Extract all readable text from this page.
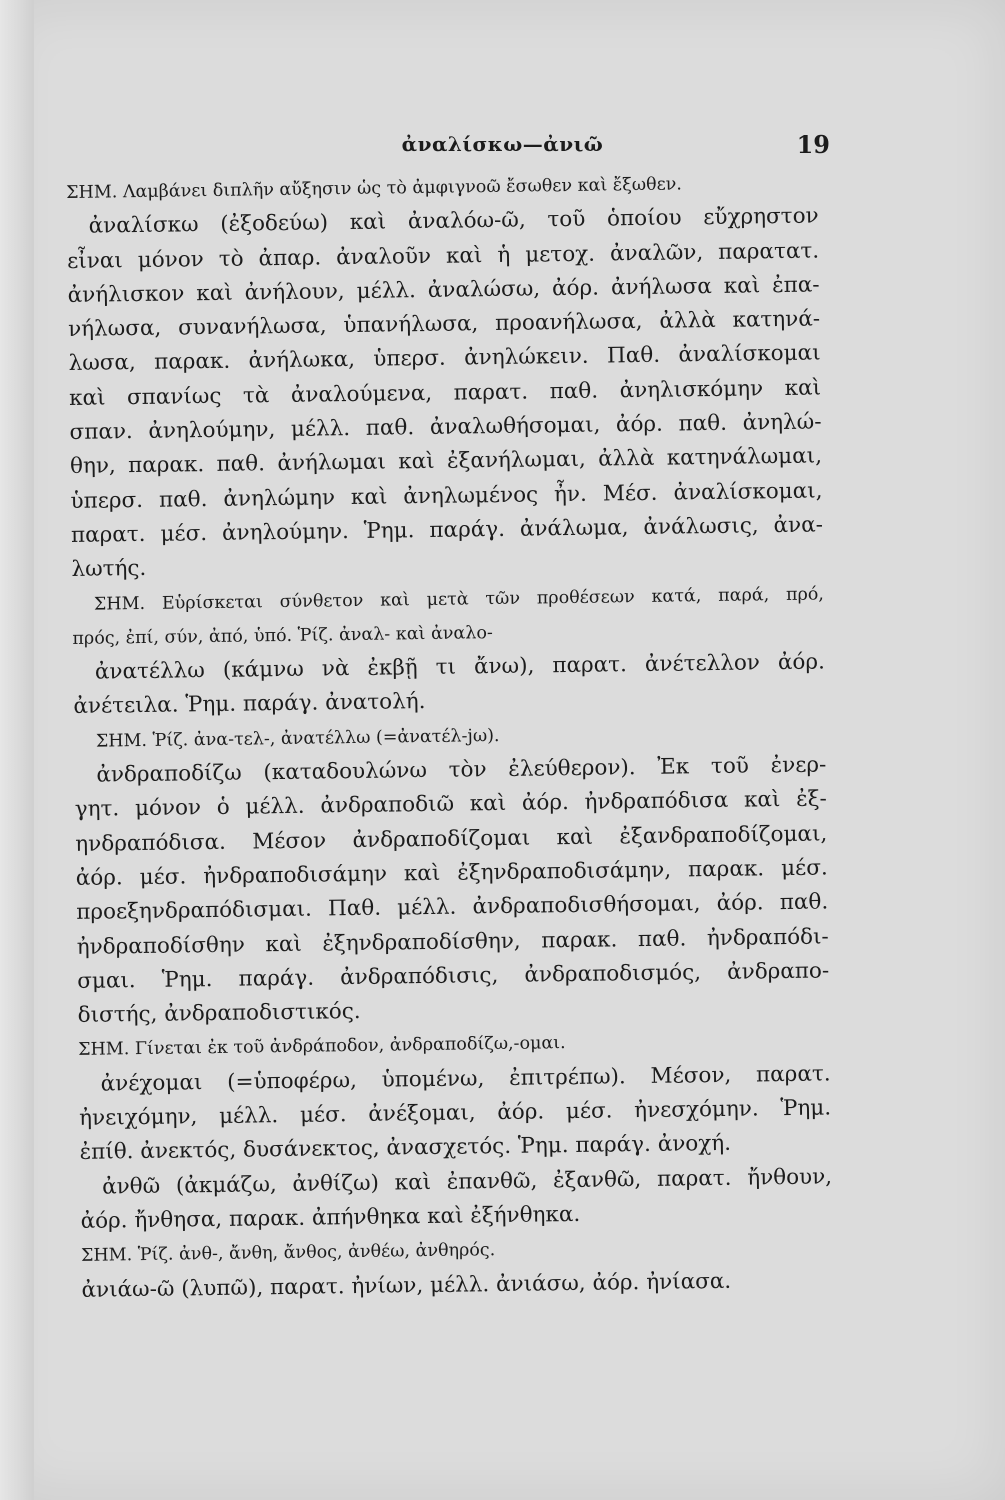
ἀναλίσκω—ἀνιῶ	19
ΣΗΜ. Λαμβάνει διπλῆν αὔξησιν ὡς τὸ ἀμφιγνοῶ ἔσωθεν καὶ ἔξωθεν.
ἀναλίσκω (ἐξοδεύω) καὶ ἀναλόω-ῶ, τοῦ ὁποίου εὔχρηστον
εἶναι μόνον τὸ ἀπαρ. ἀναλοῦν καὶ ἡ μετοχ. ἀναλῶν, παρατατ.
ἀνήλισκον καὶ ἀνήλουν, μέλλ. ἀναλώσω, ἀόρ. ἀνήλωσα καὶ ἐπα-
νήλωσα, συνανήλωσα, ὑπανήλωσα, προανήλωσα, ἀλλὰ κατηνά-
λωσα, παρακ. ἀνήλωκα, ὑπερσ. ἀνηλώκειν. Παθ. ἀναλίσκομαι
καὶ σπανίως τὰ ἀναλούμενα, παρατ. παθ. ἀνηλισκόμην καὶ
σπαν. ἀνηλούμην, μέλλ. παθ. ἀναλωθήσομαι, ἀόρ. παθ. ἀνηλώ-
θην, παρακ. παθ. ἀνήλωμαι καὶ ἐξανήλωμαι, ἀλλὰ κατηνάλωμαι,
ὑπερσ. παθ. ἀνηλώμην καὶ ἀνηλωμένος ἦν. Μέσ. ἀναλίσκομαι,
παρατ. μέσ. ἀνηλούμην. Ῥημ. παράγ. ἀνάλωμα, ἀνάλωσις, ἀνα-
λωτής.
ΣΗΜ. Εὑρίσκεται σύνθετον καὶ μετὰ τῶν προθέσεων κατά, παρά, πρό,
πρός, ἐπί, σύν, ἀπό, ὑπό. Ῥίζ. ἀναλ- καὶ ἀναλο-
ἀνατέλλω (κάμνω νὰ ἐκβῇ τι ἄνω), παρατ. ἀνέτελλον ἀόρ.
ἀνέτειλα. Ῥημ. παράγ. ἀνατολή.
ΣΗΜ. Ῥίζ. ἀνα-τελ-, ἀνατέλλω (=ἀνατέλ-jω).
ἀνδραποδίζω (καταδουλώνω τὸν ἐλεύθερον). Ἐκ τοῦ ἐνερ-
γητ. μόνον ὁ μέλλ. ἀνδραποδιῶ καὶ ἀόρ. ἠνδραπόδισα καὶ ἐξ-
ηνδραπόδισα. Μέσον ἀνδραποδίζομαι καὶ ἐξανδραποδίζομαι,
ἀόρ. μέσ. ἠνδραποδισάμην καὶ ἐξηνδραποδισάμην, παρακ. μέσ.
προεξηνδραπόδισμαι. Παθ. μέλλ. ἀνδραποδισθήσομαι, ἀόρ. παθ.
ἠνδραποδίσθην καὶ ἐξηνδραποδίσθην, παρακ. παθ. ἠνδραπόδι-
σμαι. Ῥημ. παράγ. ἀνδραπόδισις, ἀνδραποδισμός, ἀνδραπο-
διστής, ἀνδραποδιστικός.
ΣΗΜ. Γίνεται ἐκ τοῦ ἀνδράποδον, ἀνδραποδίζω,-ομαι.
ἀνέχομαι (=ὑποφέρω, ὑπομένω, ἐπιτρέπω). Μέσον, παρατ.
ἠνειχόμην, μέλλ. μέσ. ἀνέξομαι, ἀόρ. μέσ. ἠνεσχόμην. Ῥημ.
ἐπίθ. ἀνεκτός, δυσάνεκτος, ἀνασχετός. Ῥημ. παράγ. ἀνοχή.
ἀνθῶ (ἀκμάζω, ἀνθίζω) καὶ ἐπανθῶ, ἐξανθῶ, παρατ. ἤνθουν,
ἀόρ. ἤνθησα, παρακ. ἀπήνθηκα καὶ ἐξήνθηκα.
ΣΗΜ. Ῥίζ. ἀνθ-, ἄνθη, ἄνθος, ἀνθέω, ἀνθηρός.
ἀνιάω-ῶ (λυπῶ), παρατ. ἠνίων, μέλλ. ἀνιάσω, ἀόρ. ἠνίασα.
